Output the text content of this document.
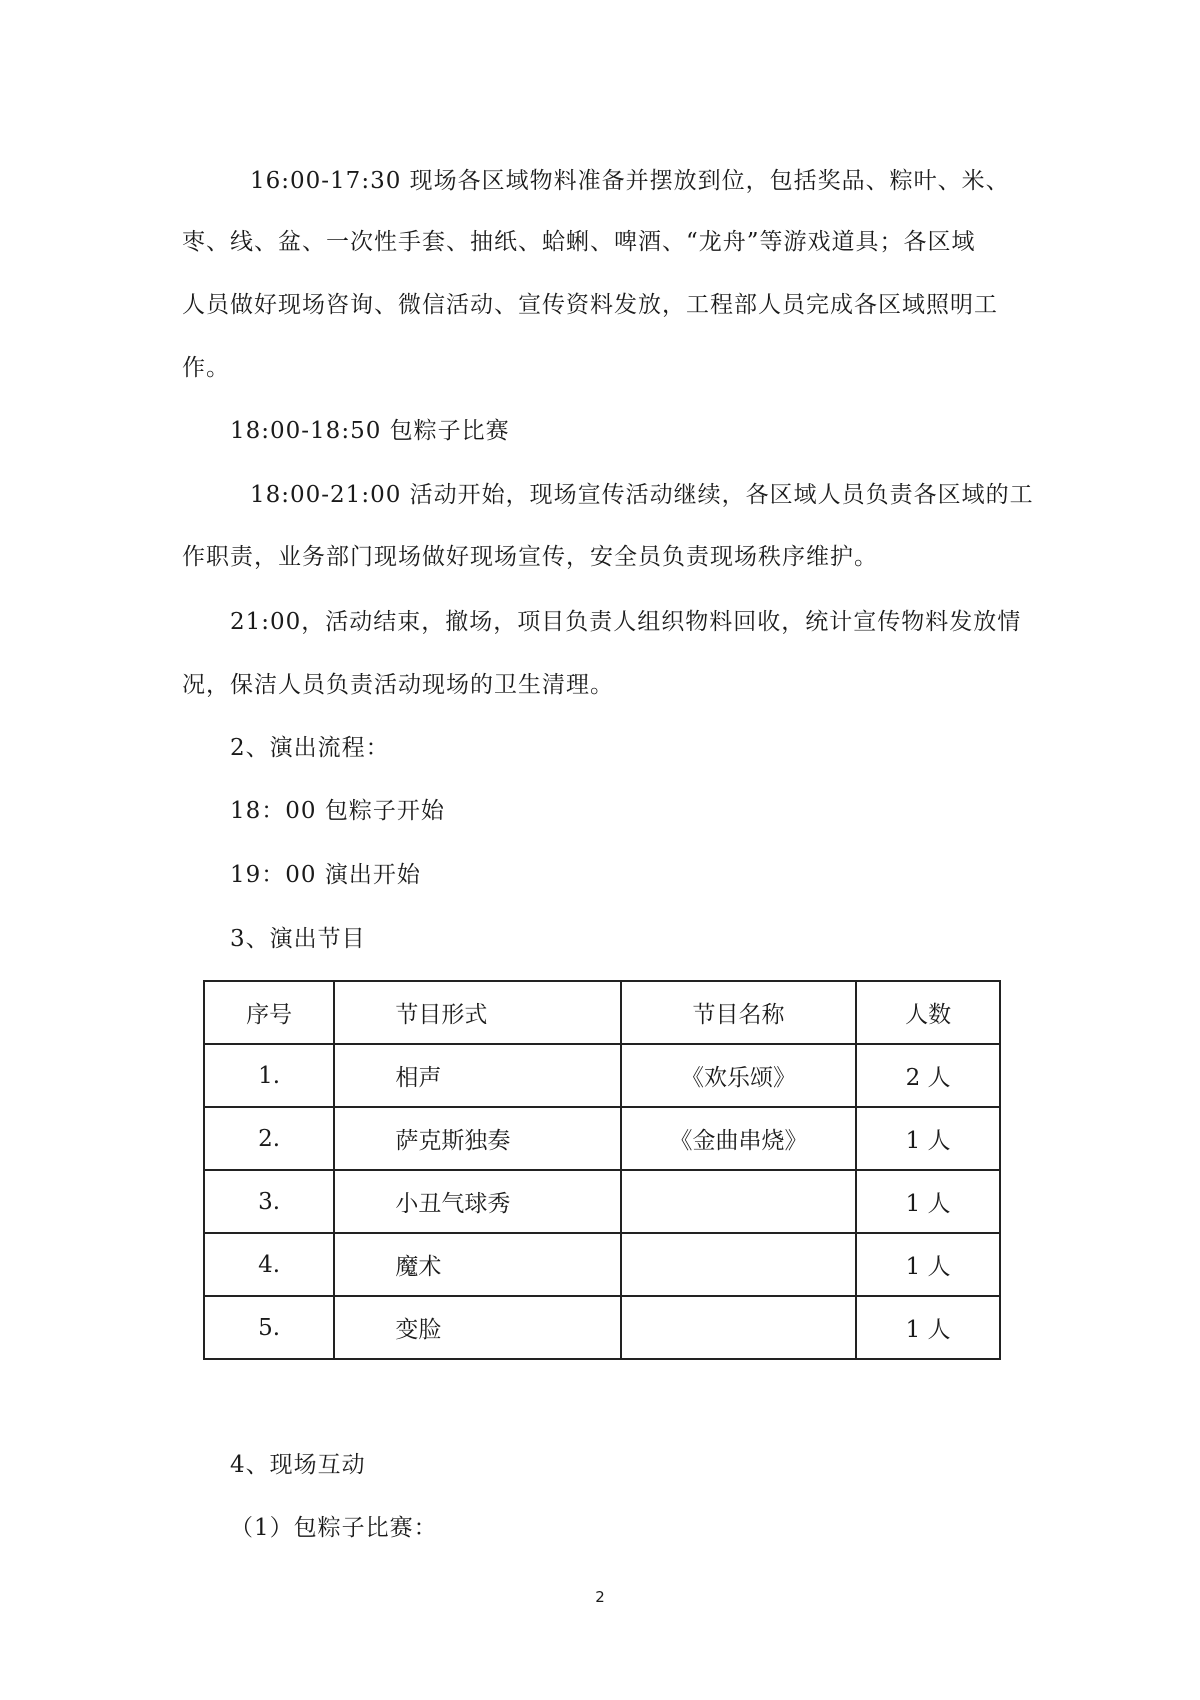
16:00-17:30 现场各区域物料准备并摆放到位，包括奖品、粽叶、米、
枣、线、盆、一次性手套、抽纸、蛤蜊、啤酒、“龙舟”等游戏道具；各区域
人员做好现场咨询、微信活动、宣传资料发放，工程部人员完成各区域照明工
作。
18:00-18:50 包粽子比赛
18:00-21:00 活动开始，现场宣传活动继续，各区域人员负责各区域的工
作职责，业务部门现场做好现场宣传，安全员负责现场秩序维护。
21:00，活动结束，撤场，项目负责人组织物料回收，统计宣传物料发放情
况，保洁人员负责活动现场的卫生清理。
2、演出流程：
18：00 包粽子开始
19：00 演出开始
3、演出节目
序号	节目形式	节目名称	人数
1.	相声	《欢乐颂》	2 人
2.	萨克斯独奏	《金曲串烧》	1 人
3.	小丑气球秀		1 人
4.	魔术		1 人
5.	变脸		1 人
4、现场互动
（1）包粽子比赛：
2
